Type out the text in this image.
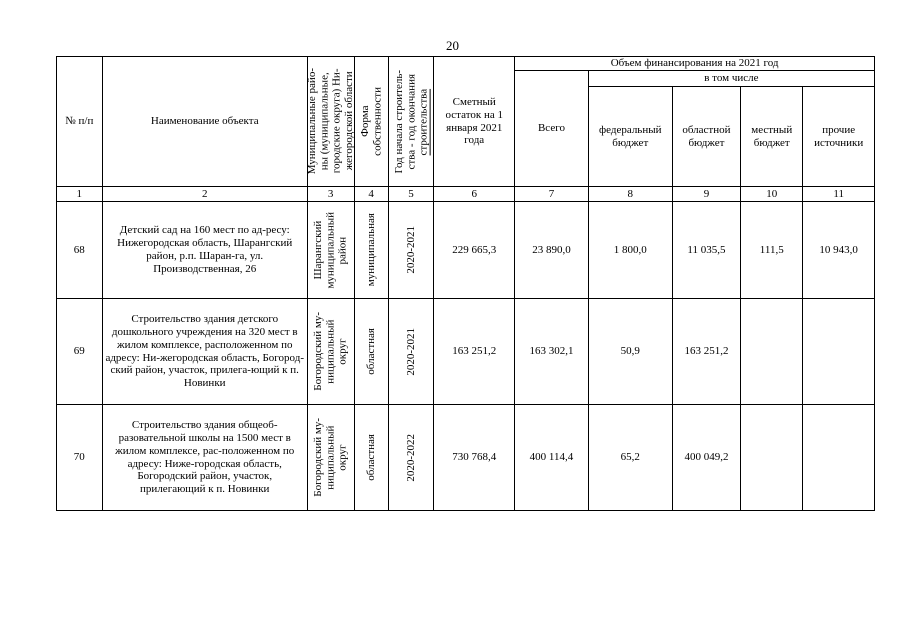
20
№ п/п	Наименование объекта	Муниципальные райо- ны (муниципальные, городские округа) Ни- жегородской области	Форма собственности	Год начала строитель- ства - год окончания строительства	Сметный остаток на 1 января 2021 года	Объем финансирования на 2021 год				
						Всего	в том числе			
							федеральный бюджет	областной бюджет	местный бюджет	прочие источники
1	2	3	4	5	6	7	8	9	10	11
68	Детский сад на 160 мест по ад-ресу: Нижегородская область, Шарангский район, р.п. Шаран-га, ул. Производственная, 26	Шарангский муниципальный район	муниципальная	2020-2021	229 665,3	23 890,0	1 800,0	11 035,5	111,5	10 943,0
69	Строительство здания детского дошкольного учреждения на 320 мест в жилом комплексе, расположенном по адресу: Ни-жегородская область, Богород-ский район, участок, прилега-ющий к п. Новинки	Богородский му- ниципальный округ	областная	2020-2021	163 251,2	163 302,1	50,9	163 251,2		
70	Строительство здания общеоб-разовательной школы на 1500 мест в жилом комплексе, рас-положенном по адресу: Ниже-городская область, Богородский район, участок, прилегающий к п. Новинки	Богородский му- ниципальный округ	областная	2020-2022	730 768,4	400 114,4	65,2	400 049,2		
